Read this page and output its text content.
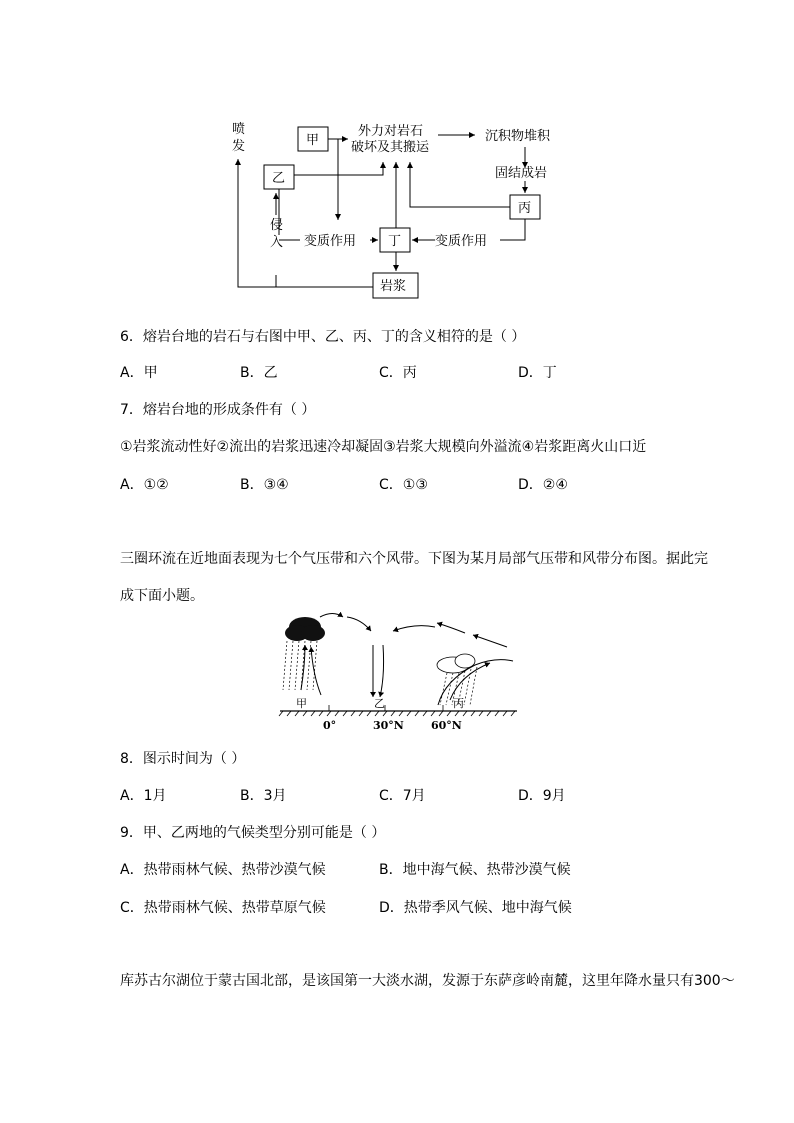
喷
发	甲
乙
丙
丁
岩浆
外力对岩石
破坏及其搬运
沉积物堆积
固结成岩
侵
入 变质作用	变质作用
6．熔岩台地的岩石与右图中甲、乙、丙、丁的含义相符的是（ ）
A．甲	B．乙	C．丙	D．丁
7．熔岩台地的形成条件有（ ）
①岩浆流动性好②流出的岩浆迅速冷却凝固③岩浆大规模向外溢流④岩浆距离火山口近
A．①②	B．③④	C．①③	D．②④
三圈环流在近地面表现为七个气压带和六个风带。下图为某月局部气压带和风带分布图。据此完
成下面小题。
甲	乙	丙
0°	30°N 60°N
8．图示时间为（ ）
A．1月	B．3月	C．7月	D．9月
9．甲、乙两地的气候类型分别可能是（ ）
A．热带雨林气候、热带沙漠气候	B．地中海气候、热带沙漠气候
C．热带雨林气候、热带草原气候	D．热带季风气候、地中海气候
库苏古尔湖位于蒙古国北部，是该国第一大淡水湖，发源于东萨彦岭南麓，这里年降水量只有300～
